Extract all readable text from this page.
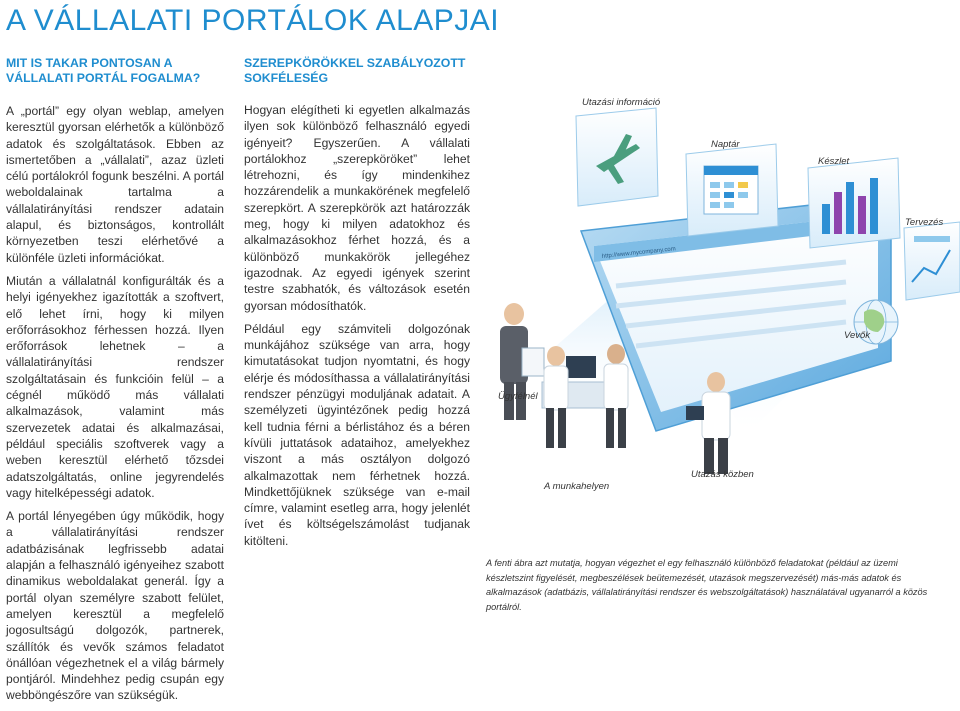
A VÁLLALATI PORTÁLOK ALAPJAI
MIT IS TAKAR PONTOSAN A VÁLLALATI PORTÁL FOGALMA?

A „portál” egy olyan weblap, amelyen keresztül gyorsan elérhetők a különböző adatok és szolgáltatások. Ebben az ismertetőben a „vállalati”, azaz üzleti célú portálokról fogunk beszélni. A portál weboldalainak tartalma a vállalatirányítási rendszer adatain alapul, és biztonságos, kontrollált környezetben teszi elérhetővé a különféle üzleti információkat.

Miután a vállalatnál konfigurálták és a helyi igényekhez igazították a szoftvert, elő lehet írni, hogy ki milyen erőforrásokhoz férhessen hozzá. Ilyen erőforrások lehetnek – a vállalatirányítási rendszer szolgáltatásain és funkcióin felül – a cégnél működő más vállalati alkalmazások, valamint más szervezetek adatai és alkalmazásai, például speciális szoftverek vagy a weben keresztül elérhető tőzsdei adatszolgáltatás, online jegyrendelés vagy hitelképességi adatok.

A portál lényegében úgy működik, hogy a vállalatirányítási rendszer adatbázisának legfrissebb adatai alapján a felhasználó igényeihez szabott dinamikus weboldalakat generál. Így a portál olyan személyre szabott felület, amelyen keresztül a megfelelő jogosultságú dolgozók, partnerek, szállítók és vevők számos feladatot önállóan végezhetnek el a világ bármely pontjáról. Mindehhez pedig csupán egy webböngészőre van szükségük.

SZEREPKÖRÖKKEL SZABÁLYOZOTT SOKFÉLESÉG

Hogyan elégítheti ki egyetlen alkalmazás ilyen sok különböző felhasználó egyedi igényeit? Egyszerűen. A vállalati portálokhoz „szerepköröket” lehet létrehozni, és így mindenkihez hozzárendelik a munkakörének megfelelő szerepkört. A szerepkörök azt határozzák meg, hogy ki milyen adatokhoz és alkalmazásokhoz férhet hozzá, és a különböző munkakörök jellegéhez igazodnak. Az egyedi igények szerint testre szabhatók, és változások esetén gyorsan módosíthatók.

Például egy számviteli dolgozónak munkájához szüksége van arra, hogy kimutatásokat tudjon nyomtatni, és hogy elérje és módosíthassa a vállalatirányítási rendszer pénzügyi moduljának adatait. A személyzeti ügyintézőnek pedig hozzá kell tudnia férni a bérlistához és a béren kívüli juttatások adataihoz, amelyekhez viszont a más osztályon dolgozó alkalmazottak nem férhetnek hozzá. Mindkettőjüknek szüksége van e-mail címre, valamint esetleg arra, hogy jelenlét ívet és költségelszámolást tudjanak kitölteni.

http://www.mycompany.com
Utazási információ
Naptár
Készlet
Tervezés
Vevők
Ügyfélnél
A munkahelyen
Utazás közben
A fenti ábra azt mutatja, hogyan végezhet el egy felhasználó különböző feladatokat (például az üzemi készletszint figyelését, megbeszélések beütemezését, utazások megszervezését) más-más adatok és alkalmazások (adatbázis, vállalatirányítási rendszer és webszolgáltatások) használatával ugyanarról a közös portálról.
